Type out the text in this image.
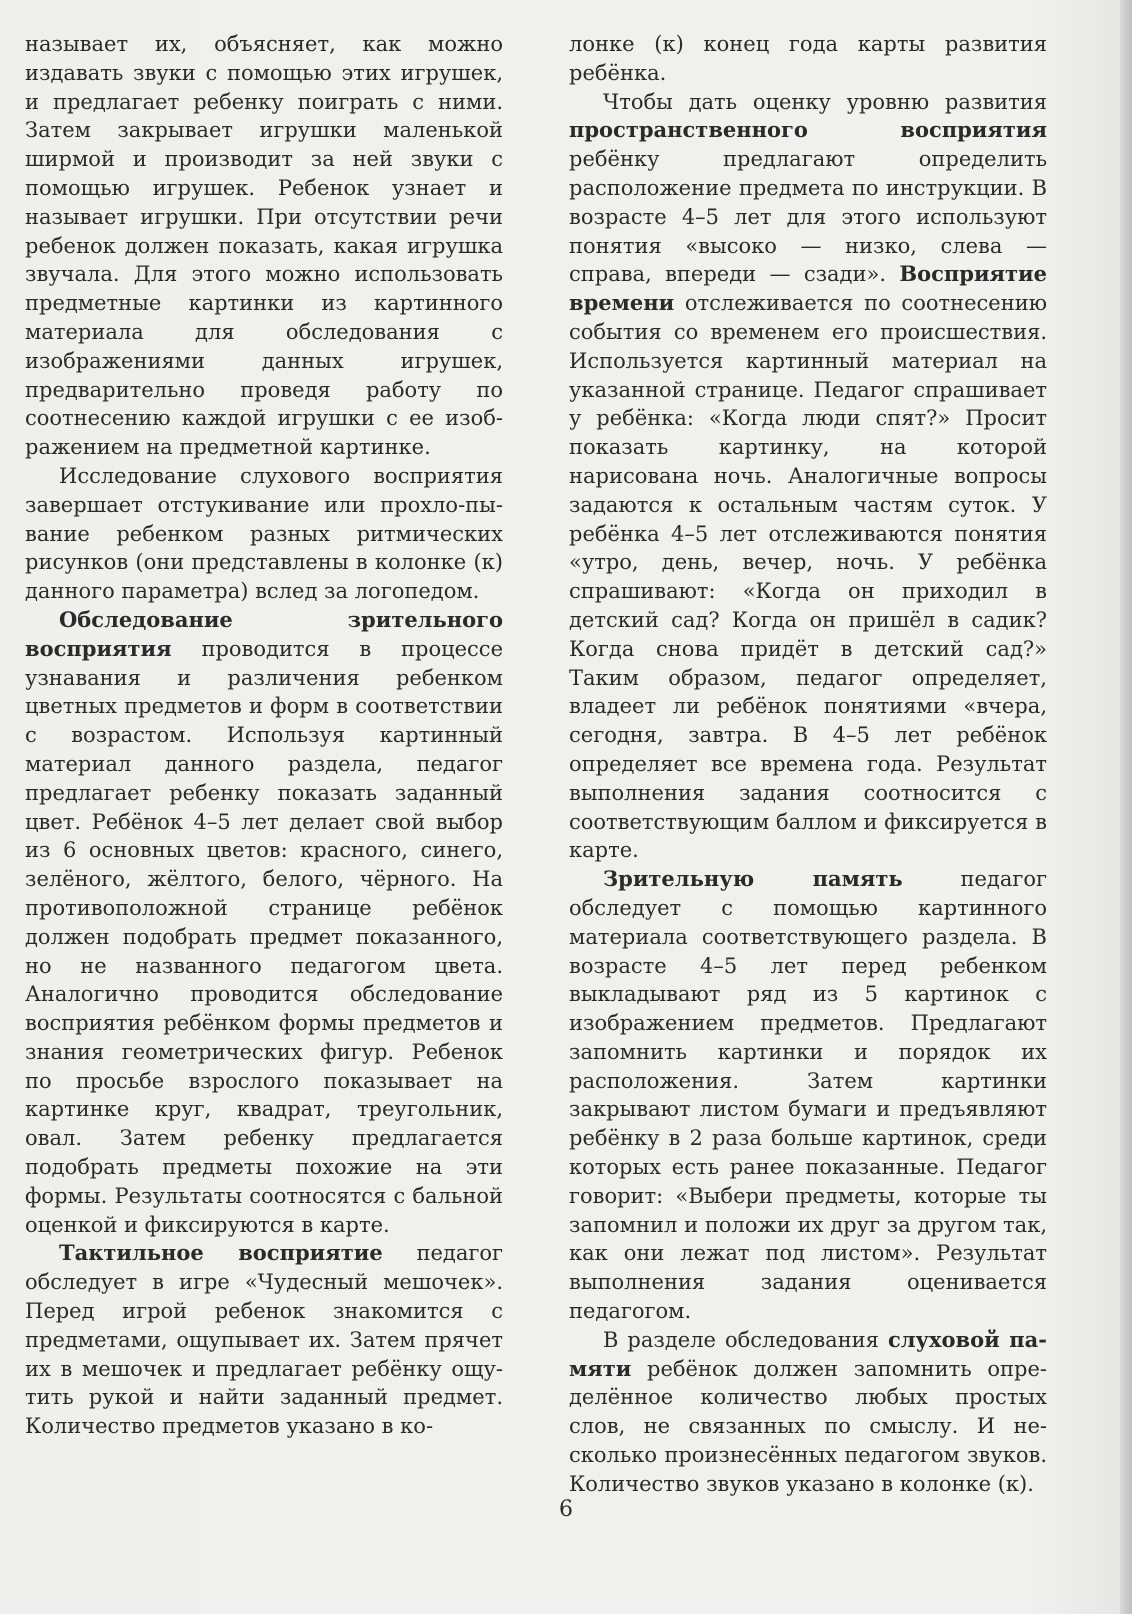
называет их, объясняет, как можно издавать звуки с помощью этих игрушек, и предлагает ребенку поиграть с ними. Затем закрывает игрушки маленькой ширмой и производит за ней звуки с помощью игрушек. Ребенок узнает и называет игрушки. При отсутствии речи ребенок должен показать, какая игрушка звучала. Для этого можно использовать предметные картинки из картинного материала для обследования с изображениями данных игрушек, предварительно проведя работу по соотнесению каждой игрушки с ее изображением на предметной картинке.

Исследование слухового восприятия завершает отстукивание или прохло-пывание ребенком разных ритмических рисунков (они представлены в колонке (к) данного параметра) вслед за логопедом.

Обследование зрительного восприятия проводится в процессе узнавания и различения ребенком цветных предметов и форм в соответствии с возрастом. Используя картинный материал данного раздела, педагог предлагает ребенку показать заданный цвет. Ребёнок 4–5 лет делает свой выбор из 6 основных цветов: красного, синего, зелёного, жёлтого, белого, чёрного. На противоположной странице ребёнок должен подобрать предмет показанного, но не названного педагогом цвета. Аналогично проводится обследование восприятия ребёнком формы предметов и знания геометрических фигур. Ребенок по просьбе взрослого показывает на картинке круг, квадрат, треугольник, овал. Затем ребенку предлагается подобрать предметы похожие на эти формы. Результаты соотносятся с бальной оценкой и фиксируются в карте.

Тактильное восприятие педагог обследует в игре «Чудесный мешочек». Перед игрой ребенок знакомится с предметами, ощупывает их. Затем прячет их в мешочек и предлагает ребёнку ощутить рукой и найти заданный предмет. Количество предметов указано в ко-

лонке (к) конец года карты развития ребёнка.

Чтобы дать оценку уровню развития пространственного восприятия ребёнку предлагают определить расположение предмета по инструкции. В возрасте 4–5 лет для этого используют понятия «высоко — низко, слева — справа, впереди — сзади». Восприятие времени отслеживается по соотнесению события со временем его происшествия. Используется картинный материал на указанной странице. Педагог спрашивает у ребёнка: «Когда люди спят?» Просит показать картинку, на которой нарисована ночь. Аналогичные вопросы задаются к остальным частям суток. У ребёнка 4–5 лет отслеживаются понятия «утро, день, вечер, ночь. У ребёнка спрашивают: «Когда он приходил в детский сад? Когда он пришёл в садик? Когда снова придёт в детский сад?» Таким образом, педагог определяет, владеет ли ребёнок понятиями «вчера, сегодня, завтра. В 4–5 лет ребёнок определяет все времена года. Результат выполнения задания соотносится с соответствующим баллом и фиксируется в карте.

Зрительную память педагог обследует с помощью картинного материала соответствующего раздела. В возрасте 4–5 лет перед ребенком выкладывают ряд из 5 картинок с изображением предметов. Предлагают запомнить картинки и порядок их расположения. Затем картинки закрывают листом бумаги и предъявляют ребёнку в 2 раза больше картинок, среди которых есть ранее показанные. Педагог говорит: «Выбери предметы, которые ты запомнил и положи их друг за другом так, как они лежат под листом». Результат выполнения задания оценивается педагогом.

В разделе обследования слуховой памяти ребёнок должен запомнить определённое количество любых простых слов, не связанных по смыслу. И несколько произнесённых педагогом звуков. Количество звуков указано в колонке (к).

6
